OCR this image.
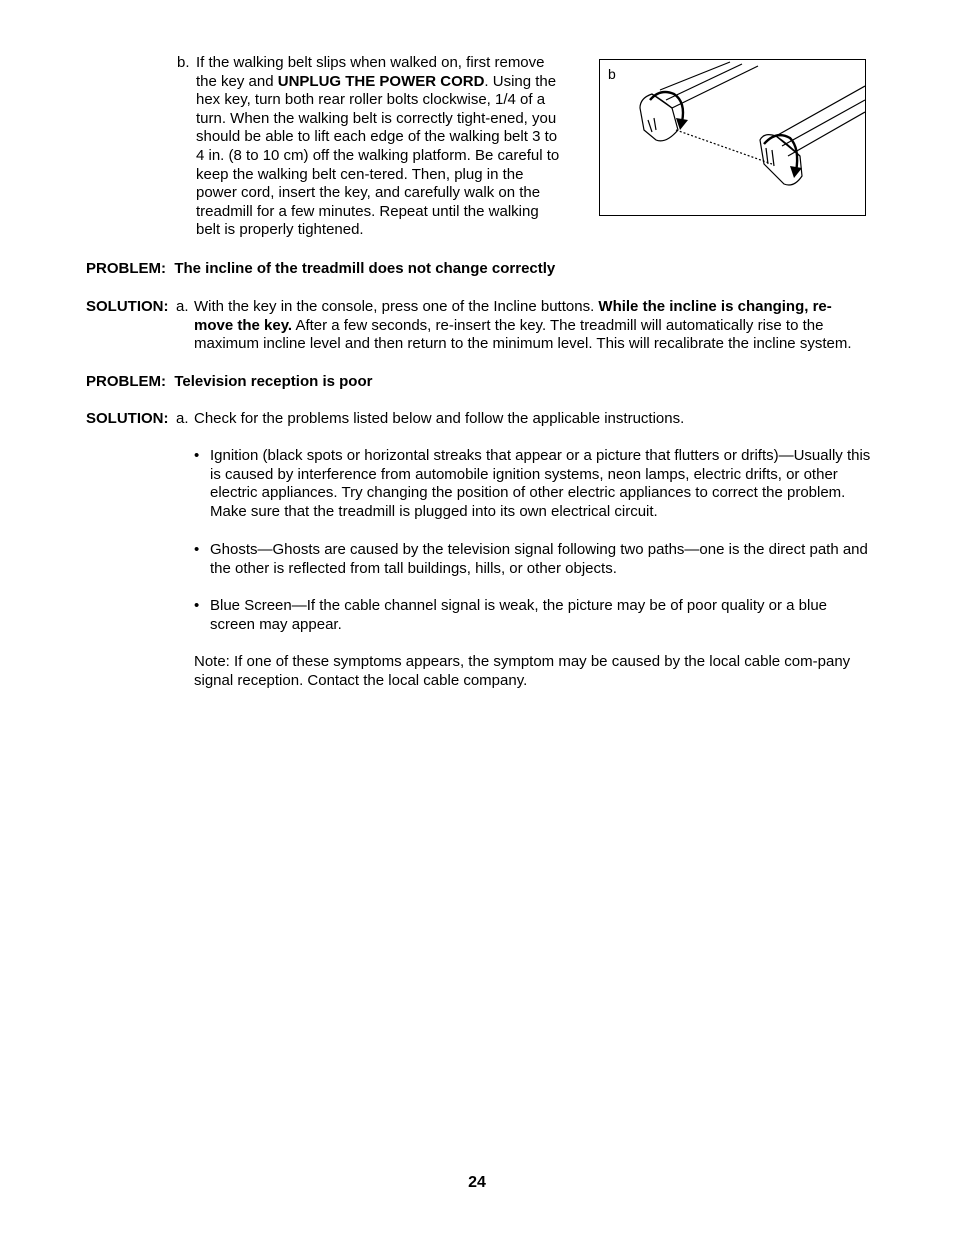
b. If the walking belt slips when walked on, first remove the key and UNPLUG THE POWER CORD. Using the hex key, turn both rear roller bolts clockwise, 1/4 of a turn. When the walking belt is correctly tight-ened, you should be able to lift each edge of the walking belt 3 to 4 in. (8 to 10 cm) off the walking platform. Be careful to keep the walking belt cen-tered. Then, plug in the power cord, insert the key, and carefully walk on the treadmill for a few minutes. Repeat until the walking belt is properly tightened.

b
PROBLEM: The incline of the treadmill does not change correctly
SOLUTION: a. With the key in the console, press one of the Incline buttons. While the incline is changing, re-move the key. After a few seconds, re-insert the key. The treadmill will automatically rise to the maximum incline level and then return to the minimum level. This will recalibrate the incline system.

PROBLEM: Television reception is poor
SOLUTION: a. Check for the problems listed below and follow the applicable instructions.

• Ignition (black spots or horizontal streaks that appear or a picture that flutters or drifts)—Usually this is caused by interference from automobile ignition systems, neon lamps, electric drifts, or other electric appliances. Try changing the position of other electric appliances to correct the problem. Make sure that the treadmill is plugged into its own electrical circuit.

• Ghosts—Ghosts are caused by the television signal following two paths—one is the direct path and the other is reflected from tall buildings, hills, or other objects.

• Blue Screen—If the cable channel signal is weak, the picture may be of poor quality or a blue screen may appear.

Note: If one of these symptoms appears, the symptom may be caused by the local cable com-pany signal reception. Contact the local cable company.
24
